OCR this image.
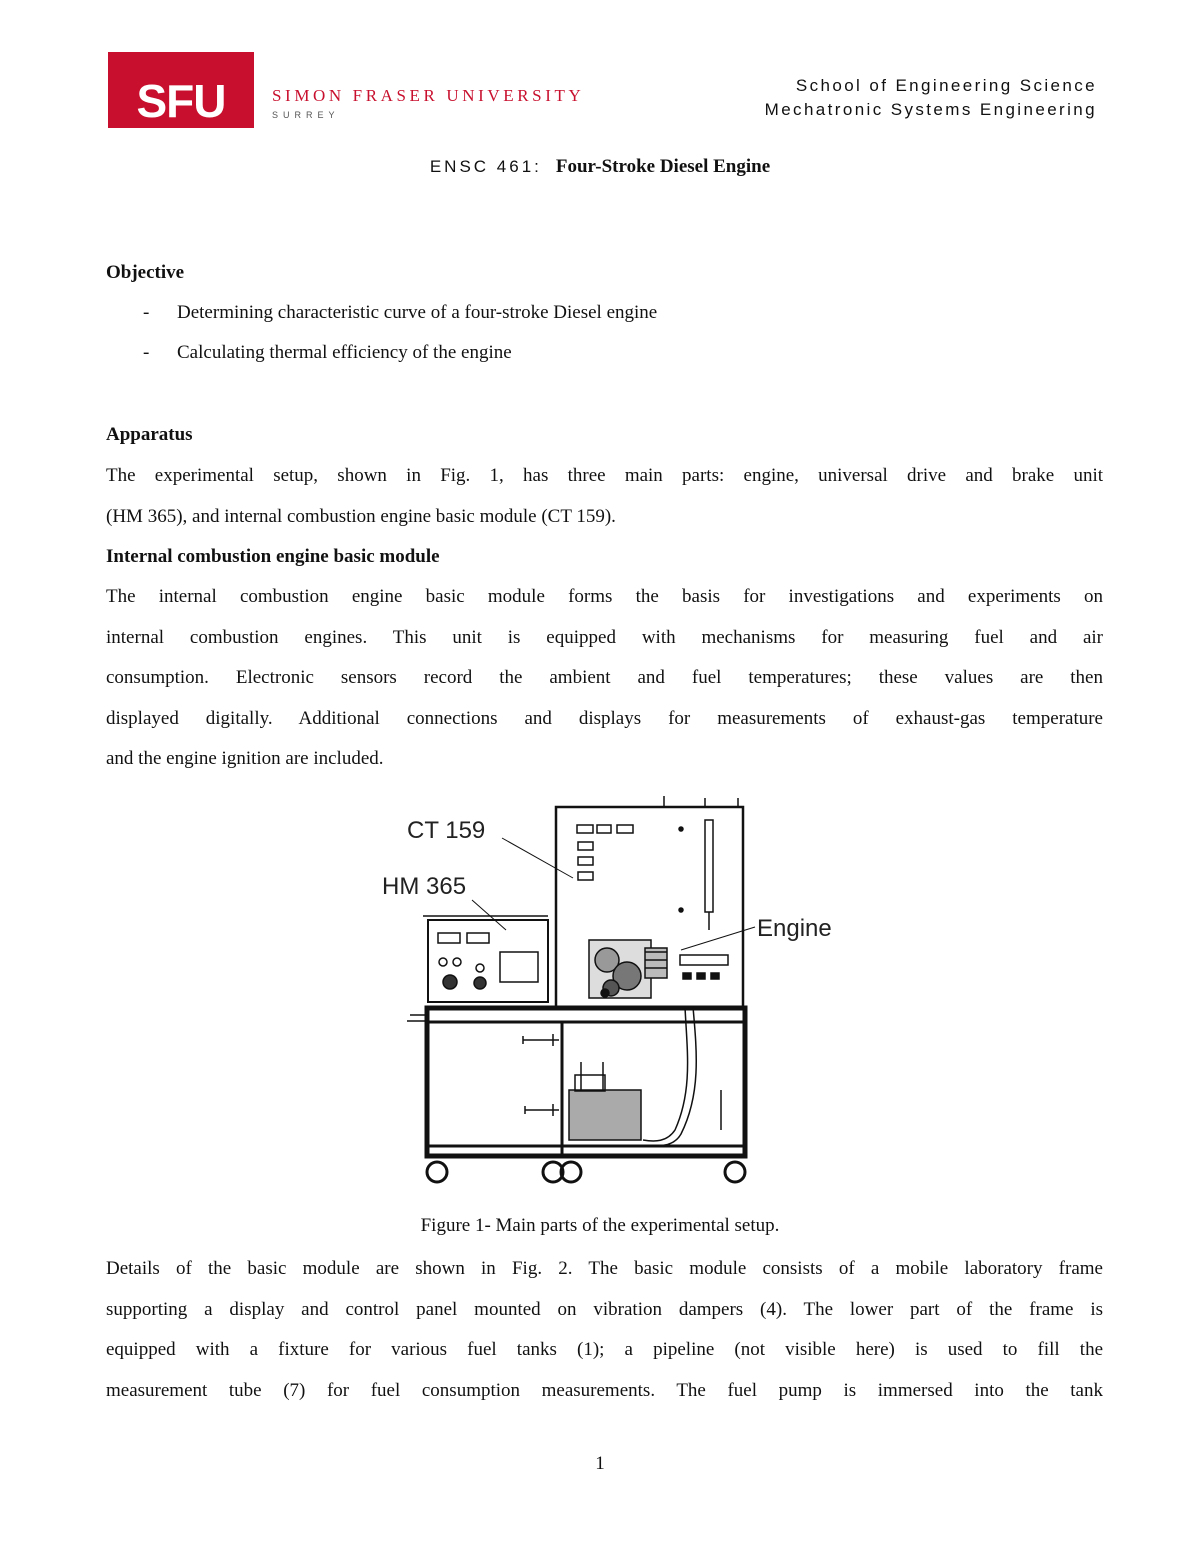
SFU	SIMON FRASER UNIVERSITY
SURREY
School of Engineering Science
Mechatronic Systems Engineering
ENSC 461: Four-Stroke Diesel Engine
Objective
- Determining characteristic curve of a four-stroke Diesel engine
- Calculating thermal efficiency of the engine
Apparatus
The experimental setup, shown in Fig. 1, has three main parts: engine, universal drive and brake unit
(HM 365), and internal combustion engine basic module (CT 159).
Internal combustion engine basic module
The internal combustion engine basic module forms the basis for investigations and experiments on
internal combustion engines. This unit is equipped with mechanisms for measuring fuel and air
consumption. Electronic sensors record the ambient and fuel temperatures; these values are then
displayed digitally. Additional connections and displays for measurements of exhaust-gas temperature
and the engine ignition are included.
CT 159
HM 365
Engine
Figure 1- Main parts of the experimental setup.
Details of the basic module are shown in Fig. 2. The basic module consists of a mobile laboratory frame
supporting a display and control panel mounted on vibration dampers (4). The lower part of the frame is
equipped with a fixture for various fuel tanks (1); a pipeline (not visible here) is used to fill the
measurement tube (7) for fuel consumption measurements. The fuel pump is immersed into the tank
1
